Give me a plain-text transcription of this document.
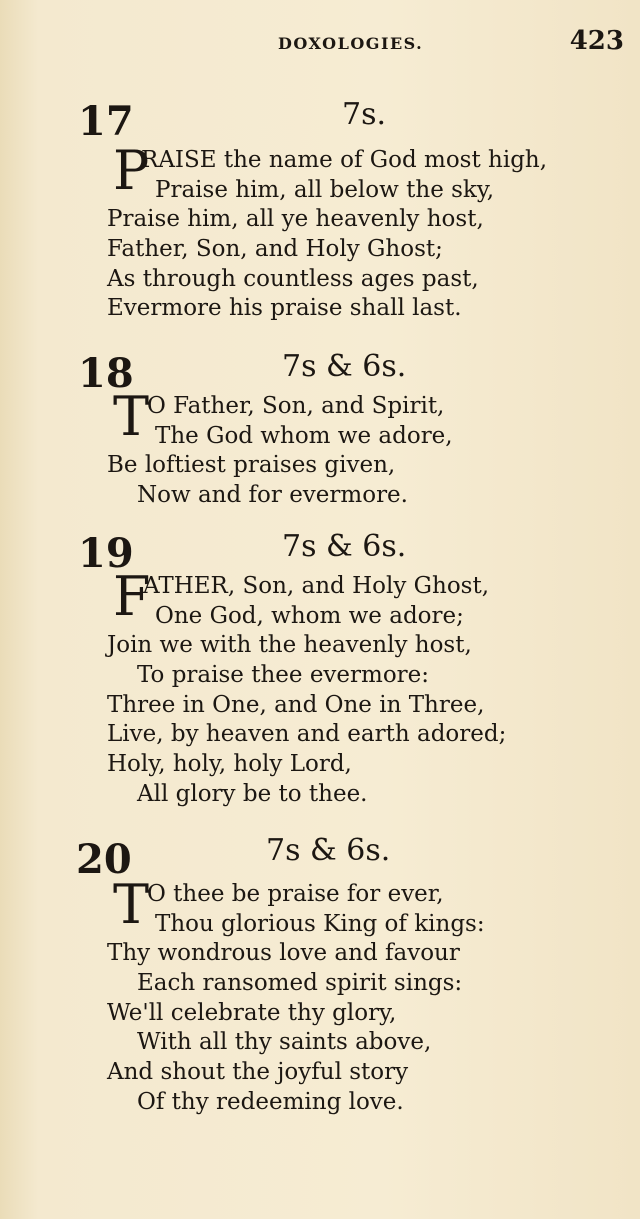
DOXOLOGIES.	423
17	7s.
P
RAISE the name of God most high,
Praise him, all below the sky,
Praise him, all ye heavenly host,
Father, Son, and Holy Ghost;
As through countless ages past,
Evermore his praise shall last.
18	7s & 6s.
T
O Father, Son, and Spirit,
The God whom we adore,
Be loftiest praises given,
Now and for evermore.
19	7s & 6s.
F
ATHER, Son, and Holy Ghost,
One God, whom we adore;
Join we with the heavenly host,
To praise thee evermore:
Three in One, and One in Three,
Live, by heaven and earth adored;
Holy, holy, holy Lord,
All glory be to thee.
20	7s & 6s.
T
O thee be praise for ever,
Thou glorious King of kings:
Thy wondrous love and favour
Each ransomed spirit sings:
We'll celebrate thy glory,
With all thy saints above,
And shout the joyful story
Of thy redeeming love.
